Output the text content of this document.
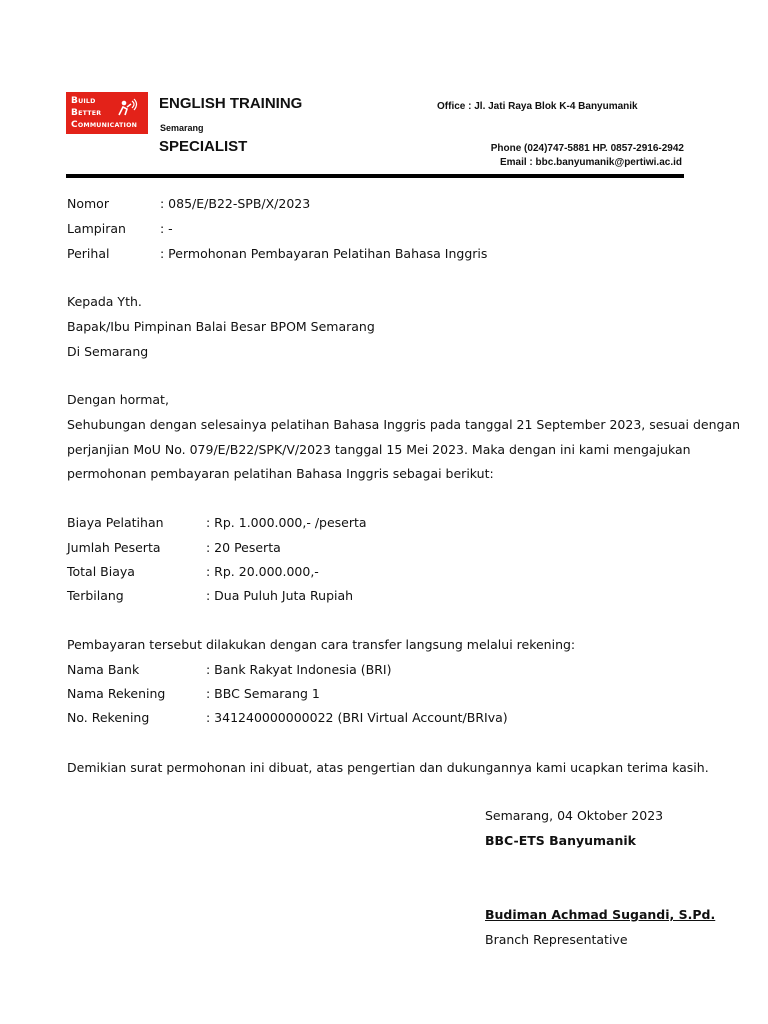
BUILD
BETTER
COMMUNICATION
ENGLISH TRAINING
Semarang
SPECIALIST
Office : Jl. Jati Raya Blok K-4 Banyumanik
Phone (024)747-5881 HP. 0857-2916-2942
Email : bbc.banyumanik@pertiwi.ac.id
Nomor	: 085/E/B22-SPB/X/2023
Lampiran	: -
Perihal	: Permohonan Pembayaran Pelatihan Bahasa Inggris
Kepada Yth.
Bapak/Ibu Pimpinan Balai Besar BPOM Semarang
Di Semarang
Dengan hormat,
Sehubungan dengan selesainya pelatihan Bahasa Inggris pada tanggal 21 September 2023, sesuai dengan
perjanjian MoU No. 079/E/B22/SPK/V/2023 tanggal 15 Mei 2023. Maka dengan ini kami mengajukan
permohonan pembayaran pelatihan Bahasa Inggris sebagai berikut:
Biaya Pelatihan	: Rp. 1.000.000,- /peserta
Jumlah Peserta	: 20 Peserta
Total Biaya	: Rp. 20.000.000,-
Terbilang	: Dua Puluh Juta Rupiah
Pembayaran tersebut dilakukan dengan cara transfer langsung melalui rekening:
Nama Bank	: Bank Rakyat Indonesia (BRI)
Nama Rekening	: BBC Semarang 1
No. Rekening	: 341240000000022 (BRI Virtual Account/BRIva)
Demikian surat permohonan ini dibuat, atas pengertian dan dukungannya kami ucapkan terima kasih.
Semarang, 04 Oktober 2023
BBC-ETS Banyumanik
Budiman Achmad Sugandi, S.Pd.
Branch Representative
